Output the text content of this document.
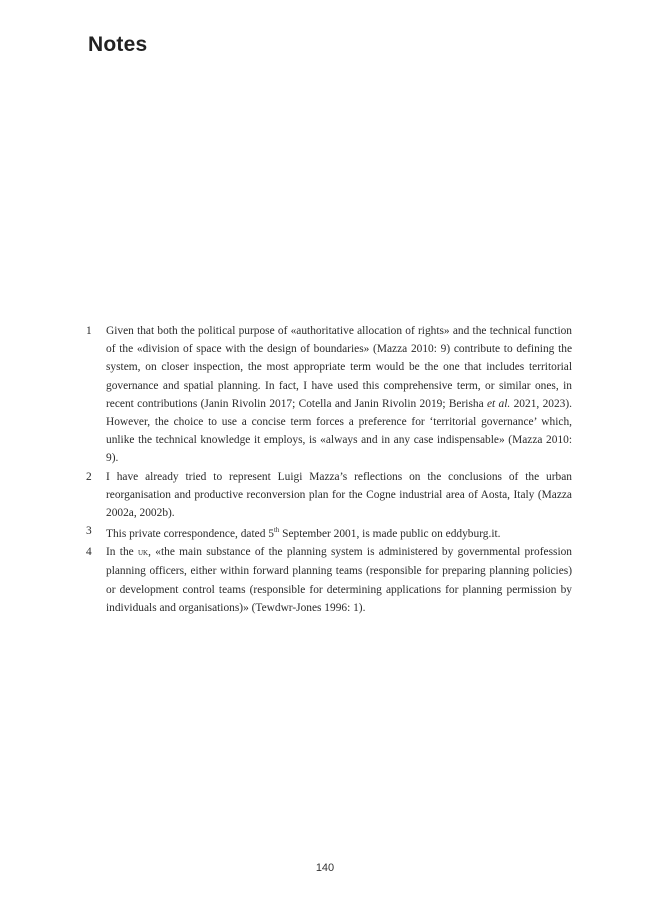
Notes
1	Given that both the political purpose of «authoritative allocation of rights» and the technical function of the «division of space with the design of boundaries» (Mazza 2010: 9) contribute to defining the system, on closer inspection, the most appropriate term would be the one that includes territorial governance and spatial planning. In fact, I have used this comprehensive term, or similar ones, in recent contributions (Janin Rivolin 2017; Cotella and Janin Rivolin 2019; Berisha et al. 2021, 2023). However, the choice to use a concise term forces a preference for ‘territorial governance’ which, unlike the technical knowledge it employs, is «always and in any case indispensable» (Mazza 2010: 9).
2	I have already tried to represent Luigi Mazza’s reflections on the conclusions of the urban reorganisation and productive reconversion plan for the Cogne industrial area of Aosta, Italy (Mazza 2002a, 2002b).
3	This private correspondence, dated 5th September 2001, is made public on eddyburg.it.
4	In the uk, «the main substance of the planning system is administered by governmental profession planning officers, either within forward planning teams (responsible for preparing planning policies) or development control teams (responsible for determining applications for planning permission by individuals and organisations)» (Tewdwr-Jones 1996: 1).
140
